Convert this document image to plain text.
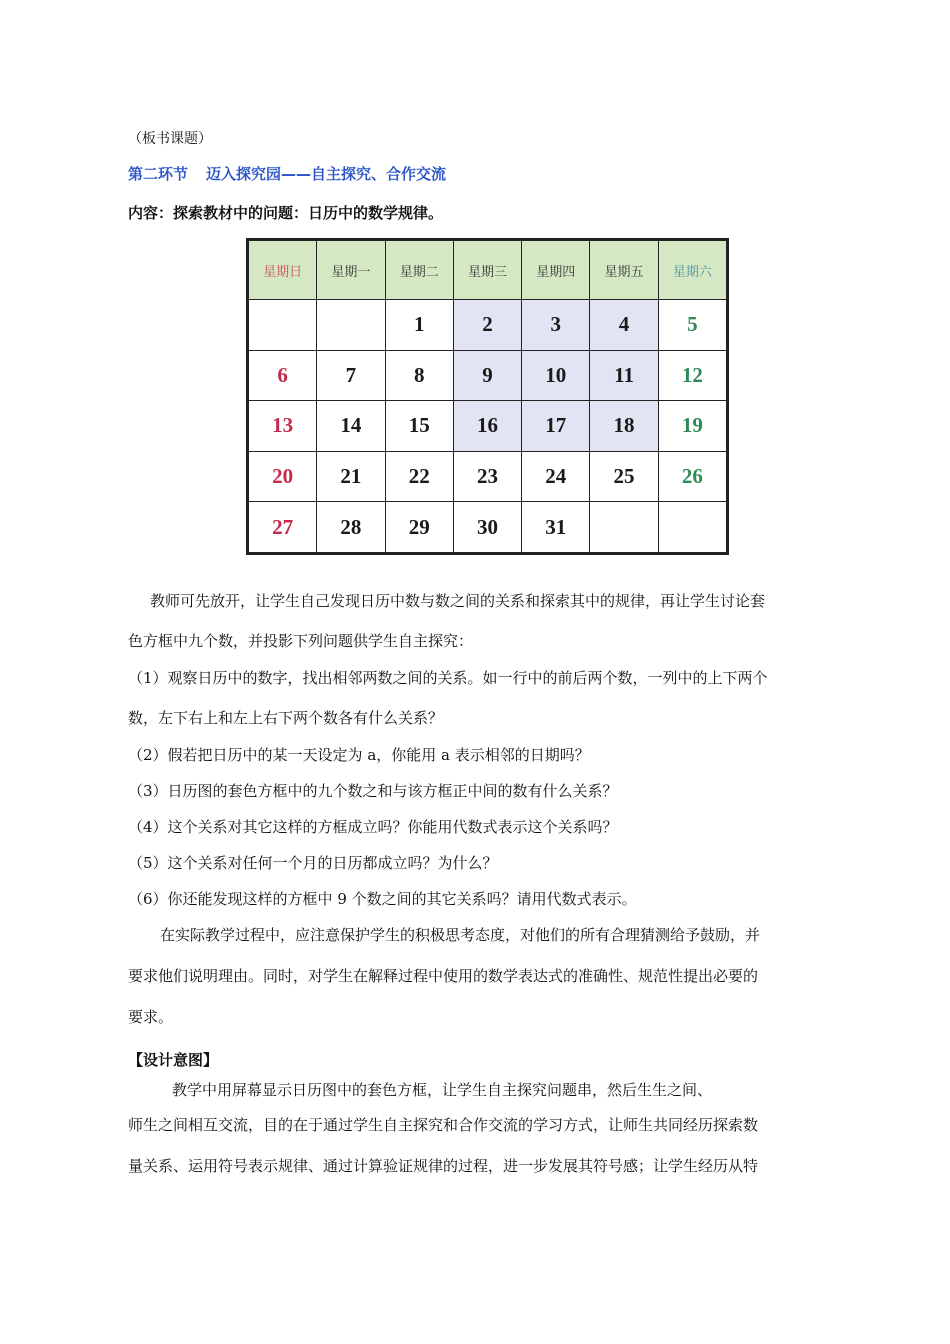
（板书课题）
第二环节 迈入探究园——自主探究、合作交流
内容：探索教材中的问题：日历中的数学规律。
星期日	星期一	星期二	星期三	星期四	星期五	星期六
		1	2	3	4	5
6	7	8	9	10	11	12
13	14	15	16	17	18	19
20	21	22	23	24	25	26
27	28	29	30	31		
教师可先放开，让学生自己发现日历中数与数之间的关系和探索其中的规律，再让学生讨论套
色方框中九个数，并投影下列问题供学生自主探究：
（1）观察日历中的数字，找出相邻两数之间的关系。如一行中的前后两个数，一列中的上下两个
数，左下右上和左上右下两个数各有什么关系？
（2）假若把日历中的某一天设定为 a，你能用 a 表示相邻的日期吗？
（3）日历图的套色方框中的九个数之和与该方框正中间的数有什么关系？
（4）这个关系对其它这样的方框成立吗？你能用代数式表示这个关系吗？
（5）这个关系对任何一个月的日历都成立吗？为什么？
（6）你还能发现这样的方框中 9 个数之间的其它关系吗？请用代数式表示。
在实际教学过程中，应注意保护学生的积极思考态度，对他们的所有合理猜测给予鼓励，并
要求他们说明理由。同时，对学生在解释过程中使用的数学表达式的准确性、规范性提出必要的
要求。
【设计意图】
教学中用屏幕显示日历图中的套色方框，让学生自主探究问题串，然后生生之间、
师生之间相互交流，目的在于通过学生自主探究和合作交流的学习方式，让师生共同经历探索数
量关系、运用符号表示规律、通过计算验证规律的过程，进一步发展其符号感；让学生经历从特
